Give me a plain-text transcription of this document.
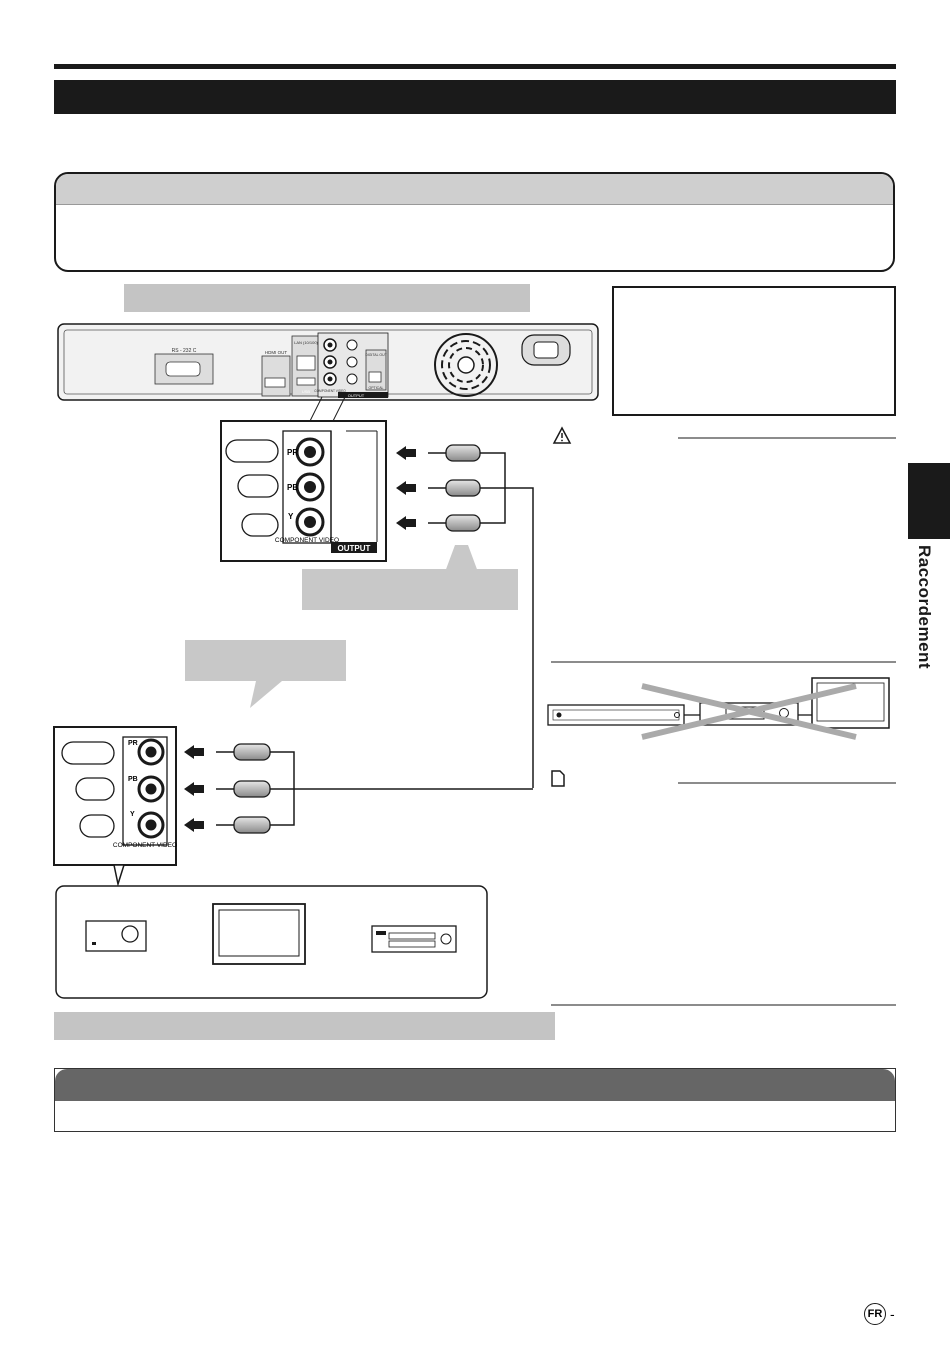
Raccordement
PR
PB
Y
COMPONENT VIDEO
OUTPUT
PR
PB
Y
COMPONENT VIDEO
RS - 232 C	HDMI OUT
LAN (10/100)
USB COMPONENT VIDEO
OUTPUT
DIGITAL OUT
OPTICAL
FR -
